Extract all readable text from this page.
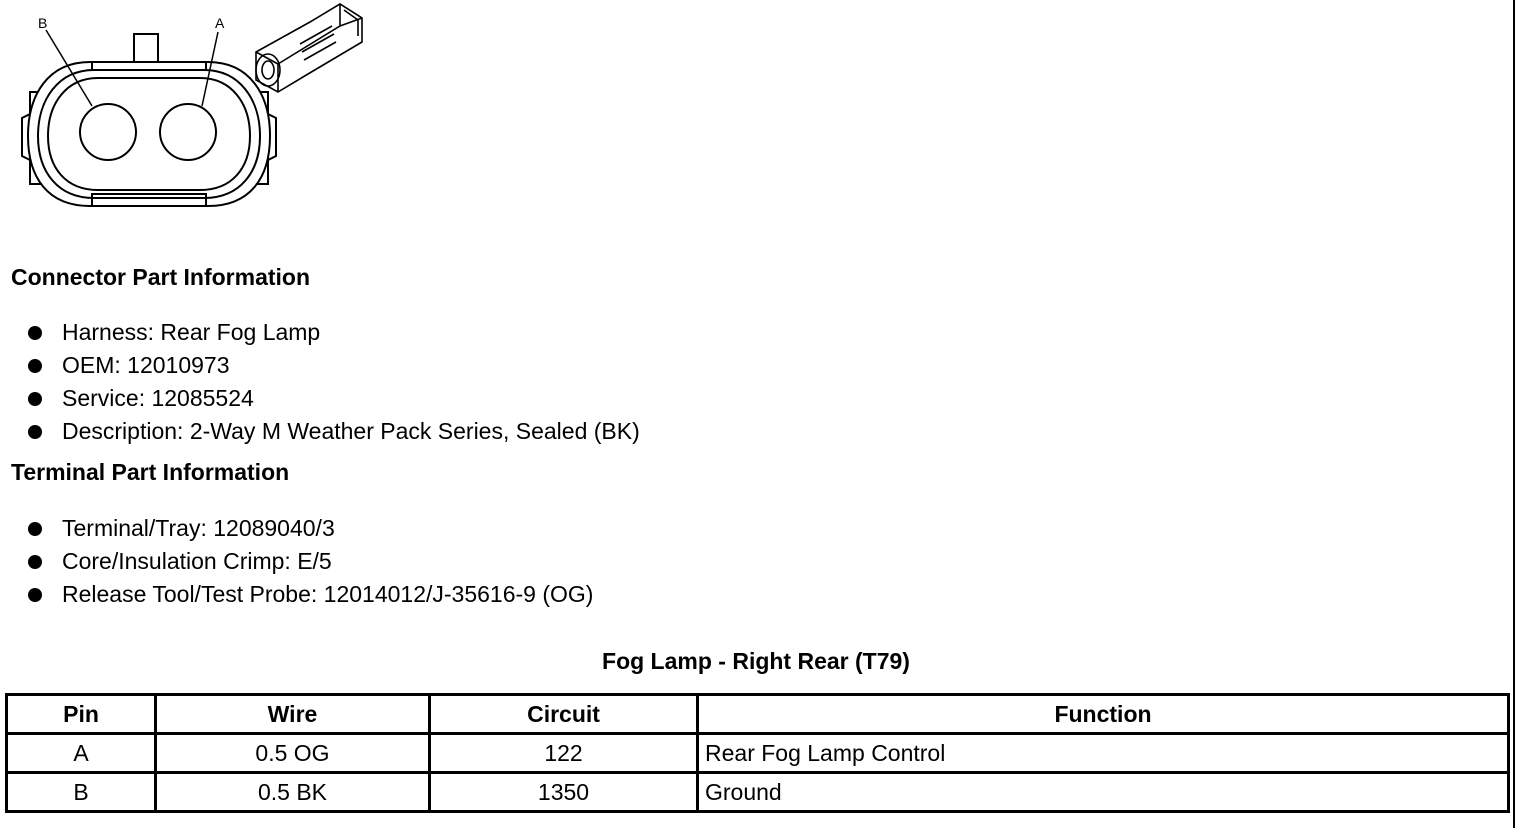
B	A
Connector Part Information
Harness: Rear Fog Lamp
OEM: 12010973
Service: 12085524
Description: 2-Way M Weather Pack Series, Sealed (BK)
Terminal Part Information
Terminal/Tray: 12089040/3
Core/Insulation Crimp: E/5
Release Tool/Test Probe: 12014012/J-35616-9 (OG)
Fog Lamp - Right Rear (T79)
Pin	Wire	Circuit	Function
A	0.5 OG	122	Rear Fog Lamp Control
B	0.5 BK	1350	Ground
